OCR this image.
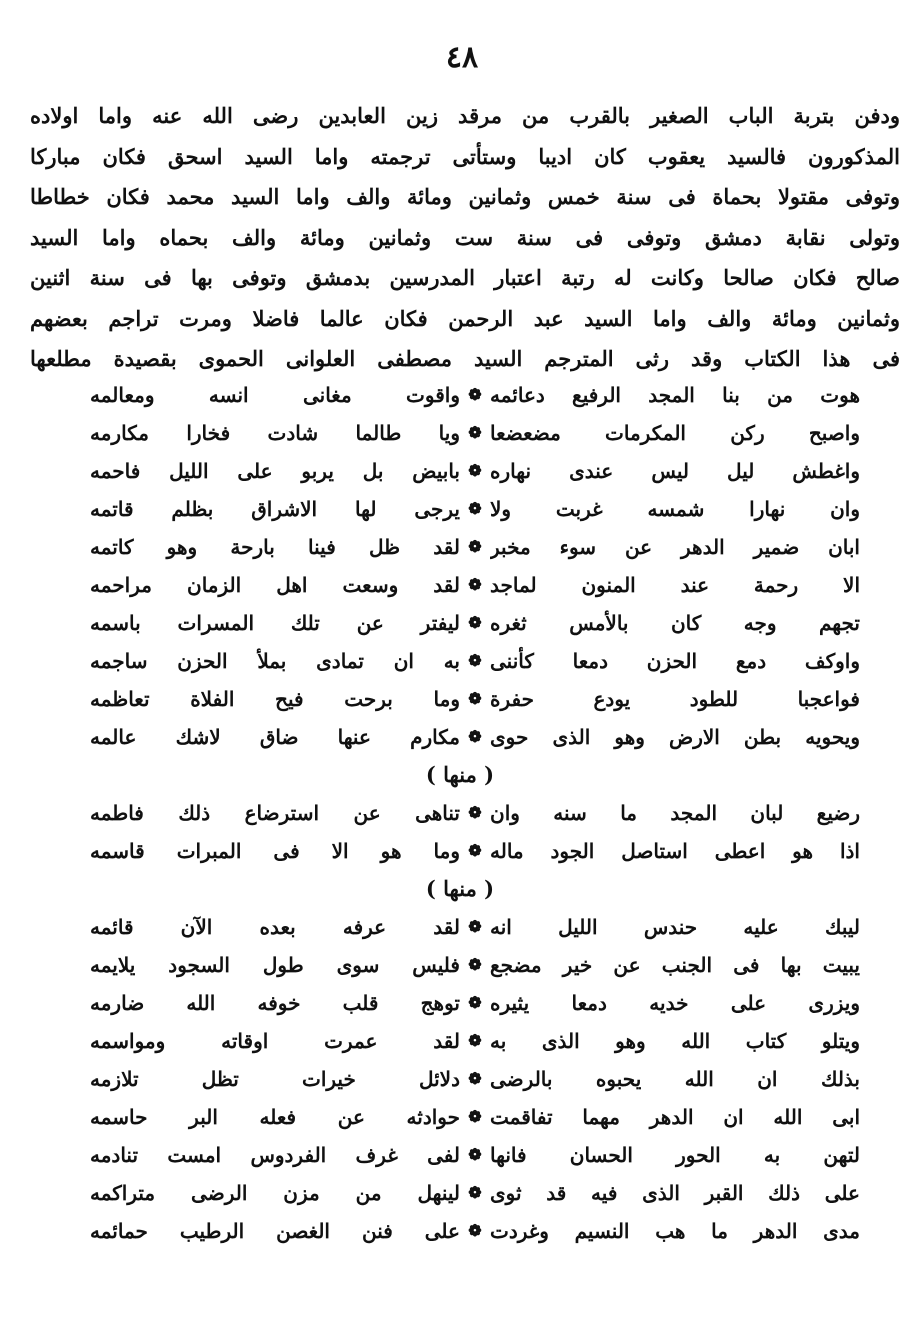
٤٨
ودفن بتربة الباب الصغير بالقرب من مرقد زين العابدين رضى الله عنه واما اولاده
المذكورون فالسيد يعقوب كان اديبا وستأتى ترجمته واما السيد اسحق فكان مباركا
وتوفى مقتولا بحماة فى سنة خمس وثمانين ومائة والف واما السيد محمد فكان خطاطا
وتولى نقابة دمشق وتوفى فى سنة ست وثمانين ومائة والف بحماه واما السيد
صالح فكان صالحا وكانت له رتبة اعتبار المدرسين بدمشق وتوفى بها فى سنة اثنين
وثمانين ومائة والف واما السيد عبد الرحمن فكان عالما فاضلا ومرت تراجم بعضهم
فى هذا الكتاب وقد رثى المترجم السيد مصطفى العلوانى الحموى بقصيدة مطلعها
هوت من بنا المجد الرفيع دعائمه
❁
واقوت مغانى انسه ومعالمه
واصبح ركن المكرمات مضعضعا
❁
ويا طالما شادت فخارا مكارمه
واغطش ليل ليس عندى نهاره
❁
بابيض بل يربو على الليل فاحمه
وان نهارا شمسه غربت ولا
❁
يرجى لها الاشراق بظلم قاتمه
ابان ضمير الدهر عن سوء مخبر
❁
لقد ظل فينا بارحة وهو كاتمه
الا رحمة عند المنون لماجد
❁
لقد وسعت اهل الزمان مراحمه
تجهم وجه كان بالأمس ثغره
❁
ليفتر عن تلك المسرات باسمه
واوكف دمع الحزن دمعا كأننى
❁
به ان تمادى بملأ الحزن ساجمه
فواعجبا للطود يودع حفرة
❁
وما برحت فيح الفلاة تعاظمه
ويحويه بطن الارض وهو الذى حوى
❁
مكارم عنها ضاق لاشك عالمه
( منها )
رضيع لبان المجد ما سنه وان
❁
تناهى عن استرضاع ذلك فاطمه
اذا هو اعطى استاصل الجود ماله
❁
وما هو الا فى المبرات قاسمه
( منها )
ليبك عليه حندس الليل انه
❁
لقد عرفه بعده الآن قائمه
يبيت بها فى الجنب عن خير مضجع
❁
فليس سوى طول السجود يلايمه
ويزرى على خديه دمعا يثيره
❁
توهج قلب خوفه الله ضارمه
ويتلو كتاب الله وهو الذى به
❁
لقد عمرت اوقاته ومواسمه
بذلك ان الله يحبوه بالرضى
❁
دلائل خيرات تظل تلازمه
ابى الله ان الدهر مهما تفاقمت
❁
حوادثه عن فعله البر حاسمه
لتهن به الحور الحسان فانها
❁
لفى غرف الفردوس امست تنادمه
على ذلك القبر الذى فيه قد ثوى
❁
لينهل من مزن الرضى متراكمه
مدى الدهر ما هب النسيم وغردت
❁
على فنن الغصن الرطيب حمائمه
